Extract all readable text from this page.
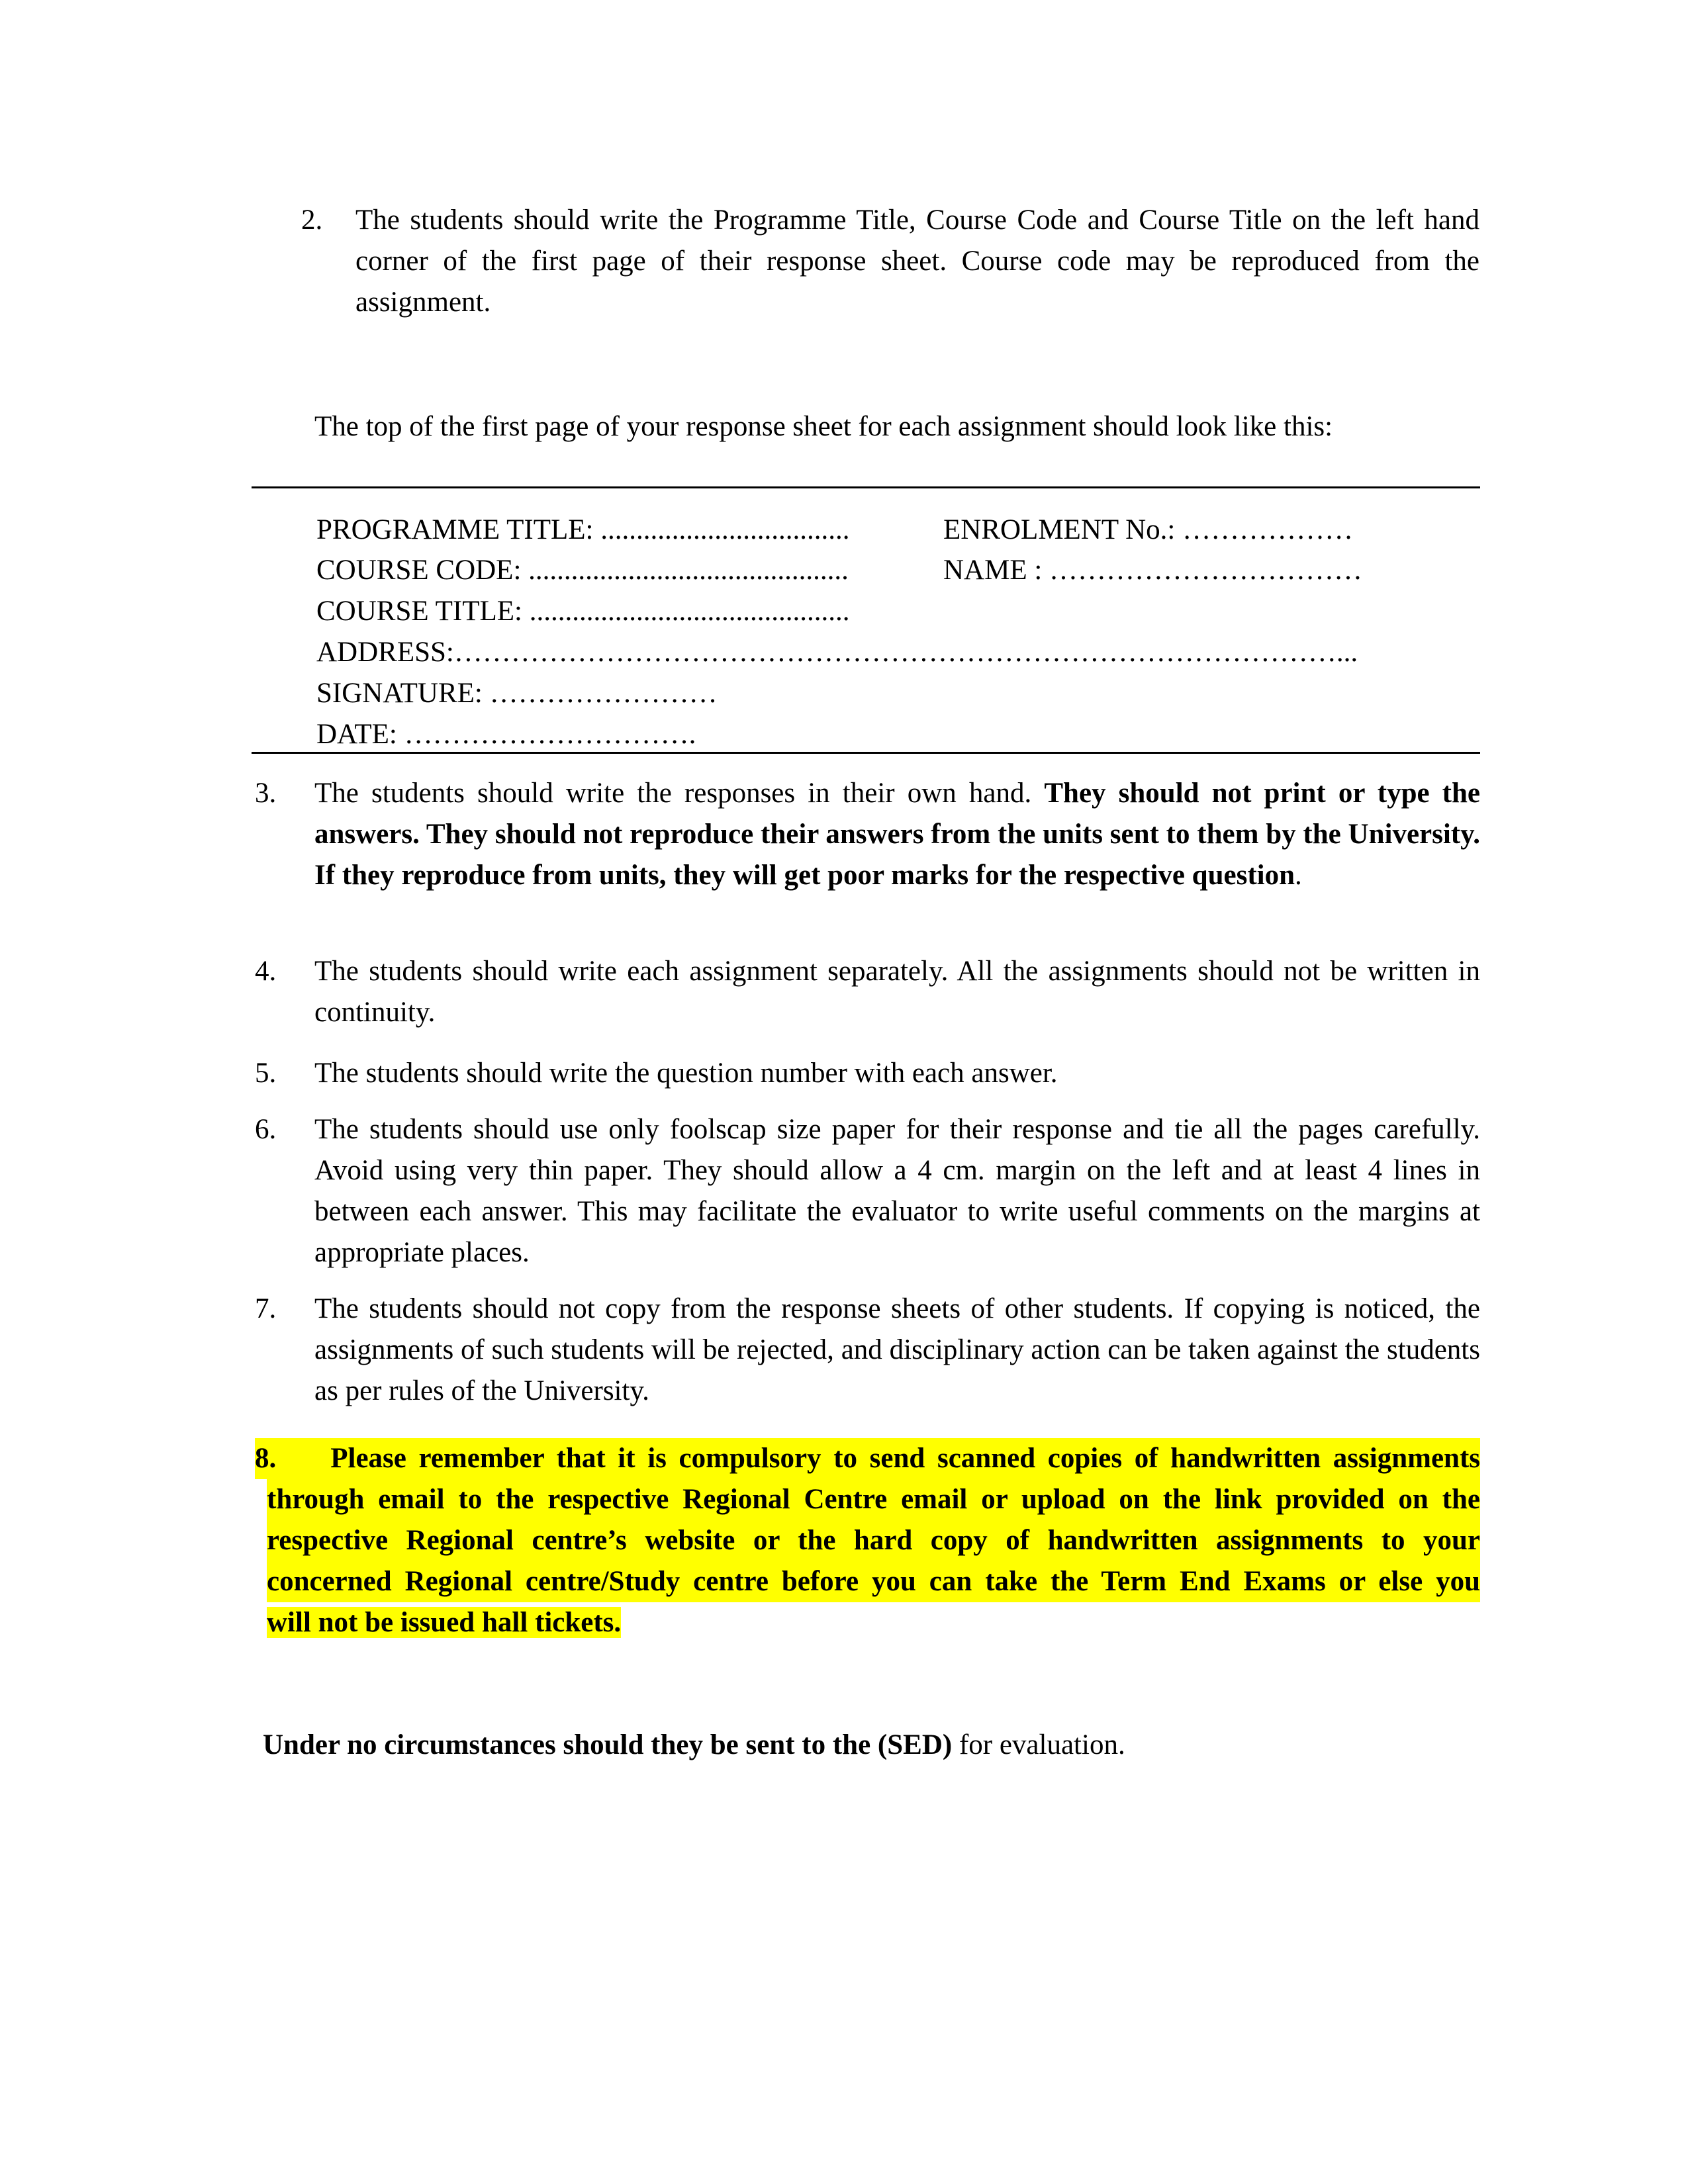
2. The students should write the Programme Title, Course Code and Course Title on the left hand corner of the first page of their response sheet. Course code may be reproduced from the assignment.
The top of the first page of your response sheet for each assignment should look like this:
PROGRAMME TITLE: ...................................	ENROLMENT No.: ………………
COURSE CODE: .............................................	NAME : ……………………………
COURSE TITLE: .............................................
ADDRESS:…………………………………………………………………………………...
SIGNATURE: ……………………
DATE: ………………………….
3. The students should write the responses in their own hand. They should not print or type the answers. They should not reproduce their answers from the units sent to them by the University. If they reproduce from units, they will get poor marks for the respective question.
4. The students should write each assignment separately. All the assignments should not be written in continuity.
5. The students should write the question number with each answer.
6. The students should use only foolscap size paper for their response and tie all the pages carefully. Avoid using very thin paper. They should allow a 4 cm. margin on the left and at least 4 lines in between each answer. This may facilitate the evaluator to write useful comments on the margins at appropriate places.
7. The students should not copy from the response sheets of other students. If copying is noticed, the assignments of such students will be rejected, and disciplinary action can be taken against the students as per rules of the University.
8. Please remember that it is compulsory to send scanned copies of handwritten assignments
through email to the respective Regional Centre email or upload on the link provided on the
respective Regional centre’s website or the hard copy of handwritten assignments to your
concerned Regional centre/Study centre before you can take the Term End Exams or else you
will not be issued hall tickets.
Under no circumstances should they be sent to the (SED) for evaluation.
